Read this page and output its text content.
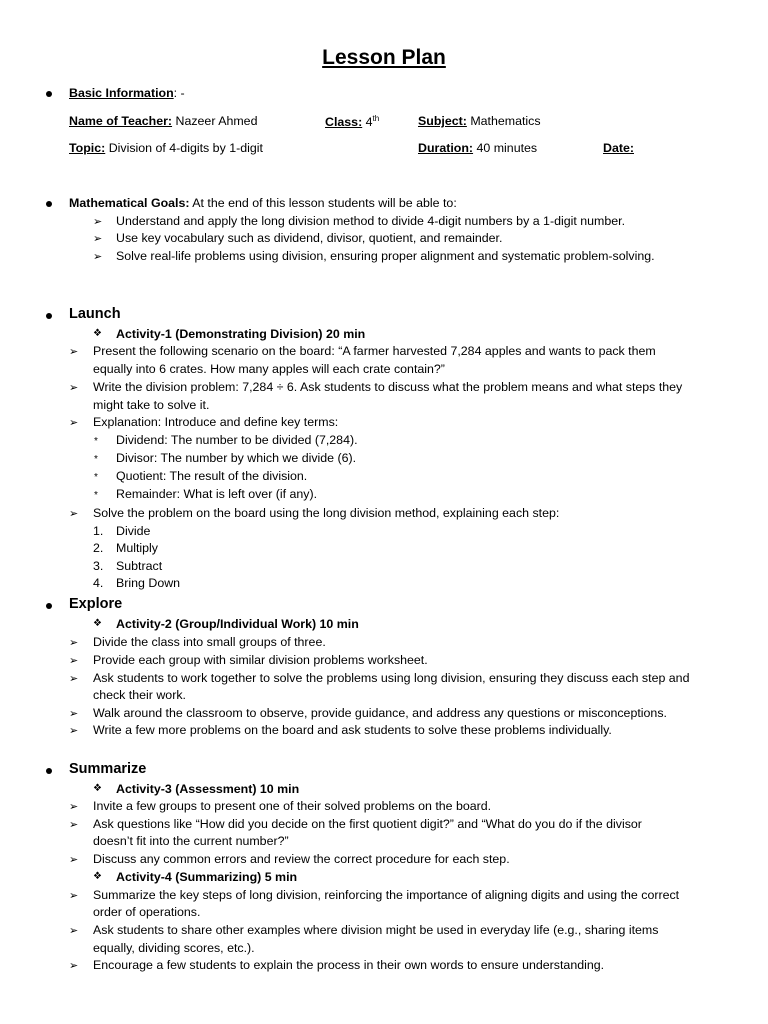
Lesson Plan
Basic Information: -
Name of Teacher: Nazeer Ahmed	Class: 4th	Subject: Mathematics
Topic: Division of 4-digits by 1-digit	Duration: 40 minutes	Date:
Mathematical Goals: At the end of this lesson students will be able to:
➢ Understand and apply the long division method to divide 4-digit numbers by a 1-digit number.
➢ Use key vocabulary such as dividend, divisor, quotient, and remainder.
➢ Solve real-life problems using division, ensuring proper alignment and systematic problem-solving.
Launch
❖ Activity-1 (Demonstrating Division) 20 min
➢ Present the following scenario on the board: “A farmer harvested 7,284 apples and wants to pack them
equally into 6 crates. How many apples will each crate contain?”
➢ Write the division problem: 7,284 ÷ 6. Ask students to discuss what the problem means and what steps they
might take to solve it.
➢ Explanation: Introduce and define key terms:
* Dividend: The number to be divided (7,284).
* Divisor: The number by which we divide (6).
* Quotient: The result of the division.
* Remainder: What is left over (if any).
➢ Solve the problem on the board using the long division method, explaining each step:
1. Divide
2. Multiply
3. Subtract
4. Bring Down
Explore
❖ Activity-2 (Group/Individual Work) 10 min
➢ Divide the class into small groups of three.
➢ Provide each group with similar division problems worksheet.
➢ Ask students to work together to solve the problems using long division, ensuring they discuss each step and
check their work.
➢ Walk around the classroom to observe, provide guidance, and address any questions or misconceptions.
➢ Write a few more problems on the board and ask students to solve these problems individually.
Summarize
❖ Activity-3 (Assessment) 10 min
➢ Invite a few groups to present one of their solved problems on the board.
➢ Ask questions like “How did you decide on the first quotient digit?” and “What do you do if the divisor
doesn’t fit into the current number?”
➢ Discuss any common errors and review the correct procedure for each step.
❖ Activity-4 (Summarizing) 5 min
➢ Summarize the key steps of long division, reinforcing the importance of aligning digits and using the correct
order of operations.
➢ Ask students to share other examples where division might be used in everyday life (e.g., sharing items
equally, dividing scores, etc.).
➢ Encourage a few students to explain the process in their own words to ensure understanding.
